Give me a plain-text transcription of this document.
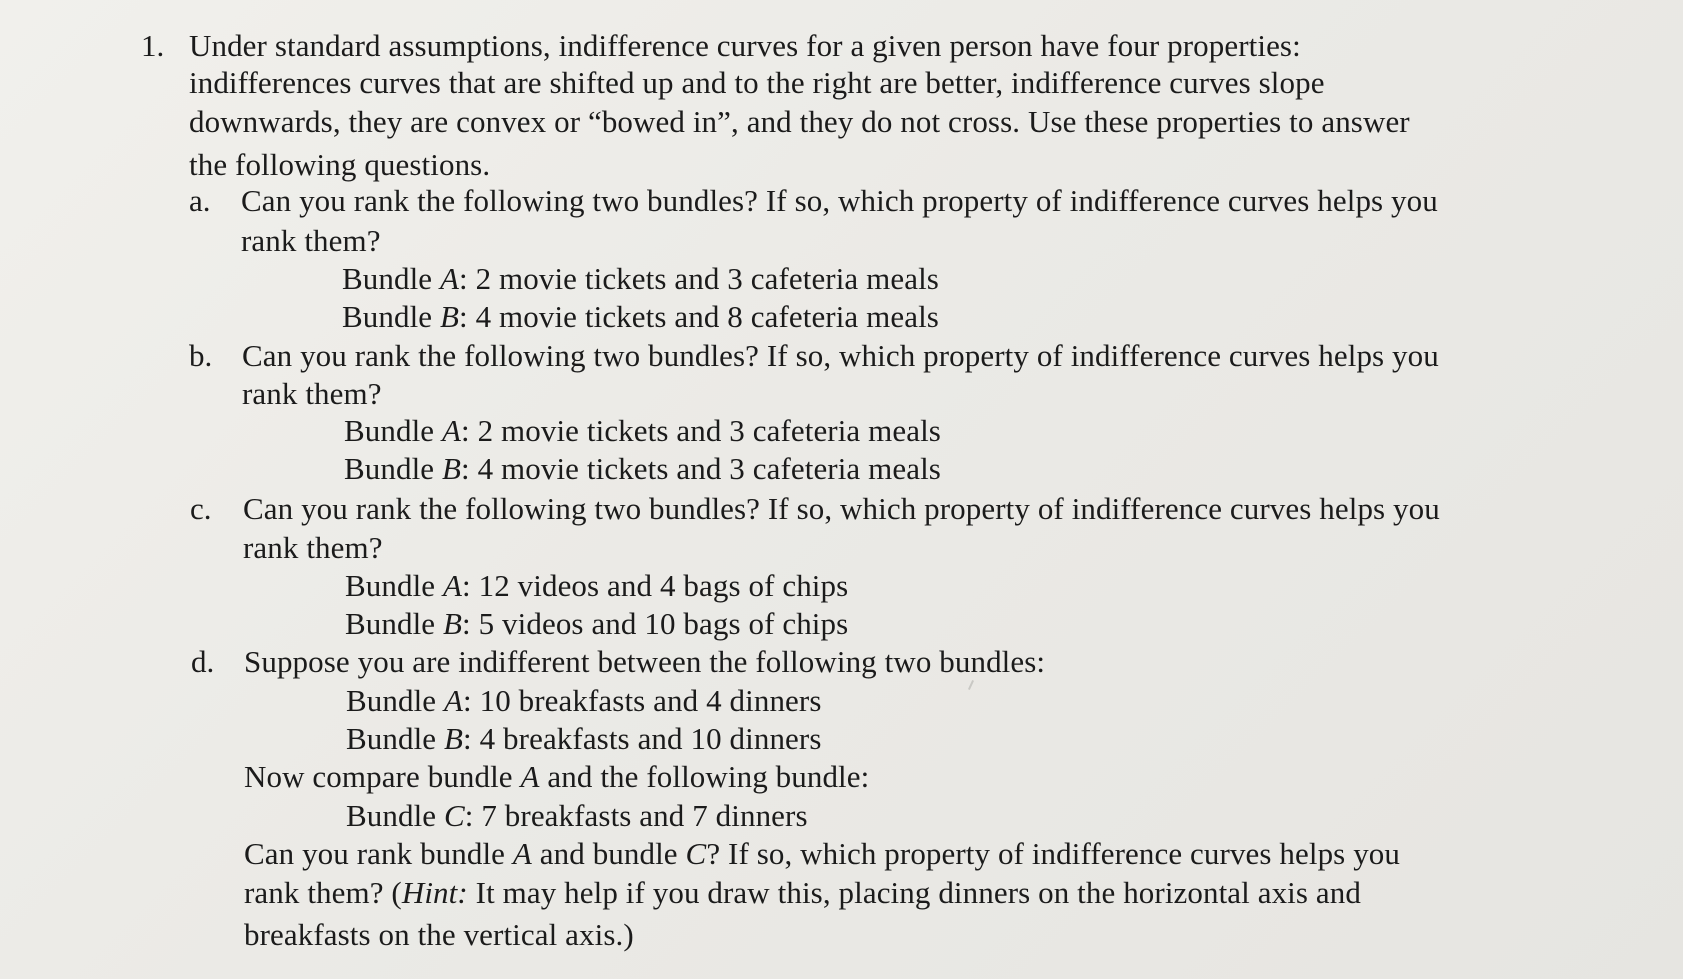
1. Under standard assumptions, indifference curves for a given person have four properties:
indifferences curves that are shifted up and to the right are better, indifference curves slope
downwards, they are convex or “bowed in”, and they do not cross. Use these properties to answer
the following questions.
a. Can you rank the following two bundles? If so, which property of indifference curves helps you
rank them?
Bundle A: 2 movie tickets and 3 cafeteria meals
Bundle B: 4 movie tickets and 8 cafeteria meals
b. Can you rank the following two bundles? If so, which property of indifference curves helps you
rank them?
Bundle A: 2 movie tickets and 3 cafeteria meals
Bundle B: 4 movie tickets and 3 cafeteria meals
c. Can you rank the following two bundles? If so, which property of indifference curves helps you
rank them?
Bundle A: 12 videos and 4 bags of chips
Bundle B: 5 videos and 10 bags of chips
d. Suppose you are indifferent between the following two bundles:
Bundle A: 10 breakfasts and 4 dinners
Bundle B: 4 breakfasts and 10 dinners
Now compare bundle A and the following bundle:
Bundle C: 7 breakfasts and 7 dinners
Can you rank bundle A and bundle C? If so, which property of indifference curves helps you
rank them? (Hint: It may help if you draw this, placing dinners on the horizontal axis and
breakfasts on the vertical axis.)
